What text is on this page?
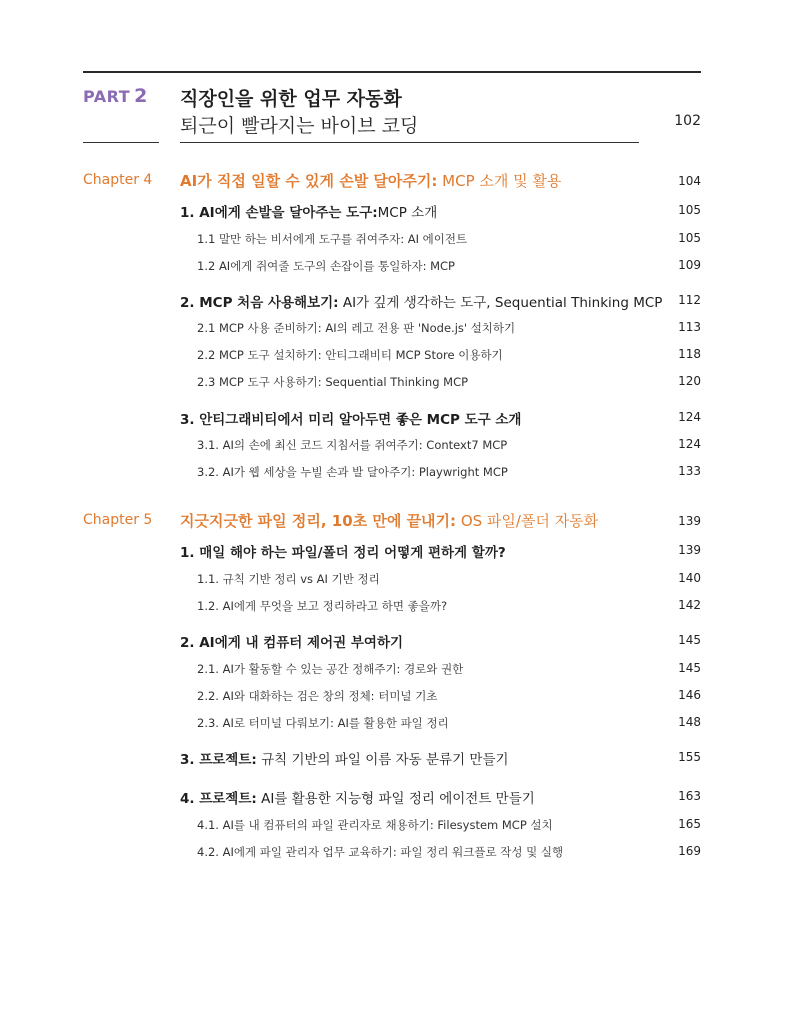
PART 2 직장인을 위한 업무 자동화
퇴근이 빨라지는 바이브 코딩	102
Chapter 4 AI가 직접 일할 수 있게 손발 달아주기: MCP 소개 및 활용	104
1. AI에게 손발을 달아주는 도구:MCP 소개	105
1.1 말만 하는 비서에게 도구를 쥐여주자: AI 에이전트	105
1.2 AI에게 쥐여줄 도구의 손잡이를 통일하자: MCP	109
2. MCP 처음 사용해보기: AI가 깊게 생각하는 도구, Sequential Thinking MCP 112
2.1 MCP 사용 준비하기: AI의 레고 전용 판 'Node.js' 설치하기	113
2.2 MCP 도구 설치하기: 안티그래비티 MCP Store 이용하기	118
2.3 MCP 도구 사용하기: Sequential Thinking MCP	120
3. 안티그래비티에서 미리 알아두면 좋은 MCP 도구 소개	124
3.1. AI의 손에 최신 코드 지침서를 쥐여주기: Context7 MCP	124
3.2. AI가 웹 세상을 누빌 손과 발 달아주기: Playwright MCP	133
Chapter 5 지긋지긋한 파일 정리, 10초 만에 끝내기: OS 파일/폴더 자동화	139
1. 매일 해야 하는 파일/폴더 정리 어떻게 편하게 할까?	139
1.1. 규칙 기반 정리 vs AI 기반 정리	140
1.2. AI에게 무엇을 보고 정리하라고 하면 좋을까?	142
2. AI에게 내 컴퓨터 제어권 부여하기	145
2.1. AI가 활동할 수 있는 공간 정해주기: 경로와 권한	145
2.2. AI와 대화하는 검은 창의 정체: 터미널 기초	146
2.3. AI로 터미널 다뤄보기: AI를 활용한 파일 정리	148
3. 프로젝트: 규칙 기반의 파일 이름 자동 분류기 만들기	155
4. 프로젝트: AI를 활용한 지능형 파일 정리 에이전트 만들기	163
4.1. AI를 내 컴퓨터의 파일 관리자로 채용하기: Filesystem MCP 설치	165
4.2. AI에게 파일 관리자 업무 교육하기: 파일 정리 워크플로 작성 및 실행	169
